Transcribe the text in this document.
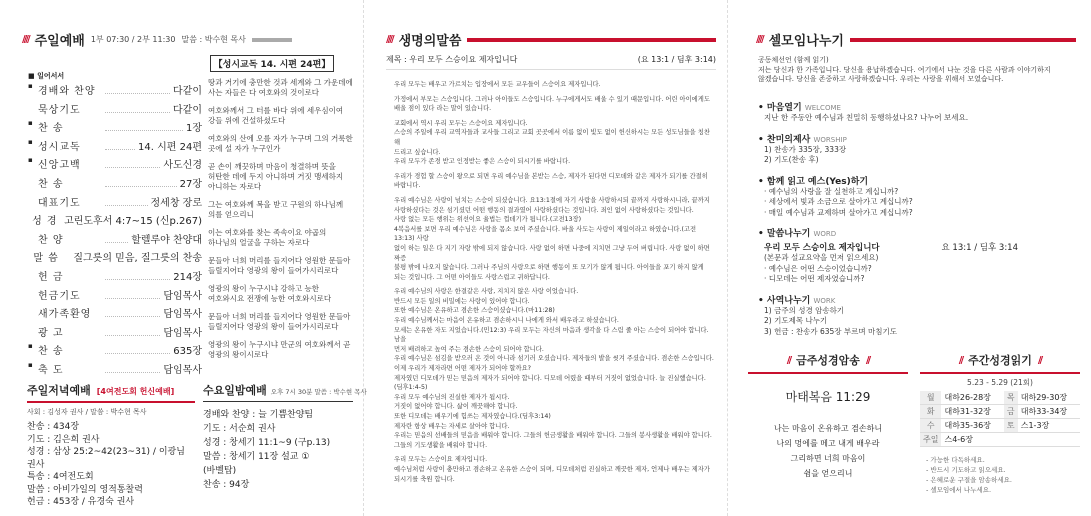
//// 주일예배 1부 07:30 / 2부 11:30 말씀 : 박수현 목사
【성시교독 14. 시편 24편】
■ 일어서서
▪ 경배와 찬양	다같이
묵상기도	다같이
▪ 찬 송	1장
▪ 성시교독	14. 시편 24편
▪ 신앙고백	사도신경
찬 송	27장
대표기도	정세창 장로
성 경 고린도후서 4:7~15 (신p.267)
찬 양	할렐루야 찬양대
말 씀	질그릇의 믿음, 질그릇의 찬송
헌 금	214장
헌금기도	담임목사
새가족환영	담임목사
광 고	담임목사
▪ 찬 송	635장
▪ 축 도	담임목사
땅과 거기에 충만한 것과 세계와 그 가운데에
사는 자들은 다 여호와의 것이로다
여호와께서 그 터를 바다 위에 세우심이여
강들 위에 건설하셨도다
여호와의 산에 오를 자가 누구며 그의 거룩한
곳에 설 자가 누구인가
곧 손이 깨끗하며 마음이 청결하며 뜻을
허탄한 데에 두지 아니하며 거짓 맹세하지
아니하는 자로다
그는 여호와께 복을 받고 구원의 하나님께
의를 얻으리니
이는 여호와를 찾는 족속이요 야곱의
하나님의 얼굴을 구하는 자로다
문들아 너희 머리를 들지어다 영원한 문들아
들릴지어다 영광의 왕이 들어가시리로다
영광의 왕이 누구시냐 강하고 능한
여호와시요 전쟁에 능한 여호와시로다
문들아 너희 머리를 들지어다 영원한 문들아
들릴지어다 영광의 왕이 들어가시리로다
영광의 왕이 누구시냐 만군의 여호와께서 곧
영광의 왕이시로다
주일저녁예배 [4여전도회 헌신예배]
사회 : 김성자 권사 / 말씀 : 박수현 목사
찬송 : 434장
기도 : 김은희 권사
성경 : 삼상 25:2~42(23~31) / 이광님 권사
특송 : 4여전도회
말씀 : 아비가일의 영적통찰력
헌금 : 453장 / 유경숙 권사
수요일밤예배 오후 7시 30분 말씀 : 박수현 목사
경배와 찬양 : 늘 기쁨찬양팀
기도 : 서순희 권사
성경 : 창세기 11:1~9 (구p.13)
말씀 : 창세기 11장 설교 ①
(바벨탑)
찬송 : 94장
//// 생명의말씀
제목 : 우리 모두 스승이요 제자입니다	(요 13:1 / 딤후 3:14)
우리 모두는 배우고 가르치는 입장에서 모든 교우들이 스승이요 제자입니다.
가정에서 부모는 스승입니다. 그러나 아이들도 스승입니다. 누구에게서도 배울 수 있기 때문입니다. 어린 아이에게도
배울 점이 있다 라는 말이 있습니다.
교회에서 역시 우리 모두는 스승이요 제자입니다.
스승의 주일에 우리 교역자들과 교사들 그리고 교회 곳곳에서 이름 없이 빛도 없이 헌신하시는 모든 성도님들을 칭찬해
드리고 싶습니다.
우리 모두가 존경 받고 인정받는 좋은 스승이 되시기를 바랍니다.
우리가 경험 할 스승이 왕으로 되면 우리 예수님을 본받는 스승, 제자가 된다면 디모데와 같은 제자가 되기를 간절히
바랍니다.
우리 예수님은 사랑이 넘치는 스승이 되셨습니다. 요13:1절에 자기 사람을 사랑하시되 끝까지 사랑하시니라, 끝까지
사랑하셨다는 것은 섬기셨던 어떤 행동의 결과였어 사랑하셨다는 것입니다. 죄인 없이 사랑하셨다는 것입니다.
사랑 없는 모든 행위는 위선이요 율법는 껍데기가 됩니다.(고전13장)
4복음서를 보면 우리 예수님은 사랑을 몸소 보여 주셨습니다. 바울 사도는 사랑이 제일이라고 하였습니다.(고전13:13) 사랑
없이 하는 일은 다 지기 자랑 밖에 되지 않습니다. 사랑 없이 하면 나중에 지치면 그냥 두어 버립니다. 사랑 없이 하면 짜증
불평 밖에 나오지 않습니다. 그러나 주님의 사랑으로 하면 행동이 또 모기가 않게 됩니다. 아이들을 포기 하지 않게
되는 것입니다. 그 어떤 아이들도 사랑스럽고 귀하답니다.
우리 예수님의 사랑은 한결같은 사랑, 지치지 않은 사랑 이었습니다.
반드시 모든 일의 비밀에는 사랑이 있어야 합니다.
또한 예수님은 온유하고 겸손한 스승이셨습니다.(마11:28)
우리 예수님께서는 마음이 온유하고 겸손하시니 나에게 와서 배우라고 하셨습니다.
모세는 온유한 자도 지었습니다.(민12:3) 우리 모두는 자신의 마음과 생각을 다 스림 줄 아는 스승이 되어야 합니다. 남을
먼저 배려하고 높여 주는 겸손한 스승이 되어야 합니다.
우리 예수님은 섬김을 받으러 온 것이 아니라 섬기러 오셨습니다. 제자들의 발을 씻겨 주셨습니다. 겸손한 스승입니다.
이제 우리가 제자라면 어떤 제자가 되어야 할까요?
제자였던 디모데가 믿는 믿음의 제자가 되어야 합니다. 디모데 어렸을 때부터 거짓이 없었습니다. 늘 진실했습니다.(딤후1:4-5)
우리 모두 예수님의 진실한 제자가 됩시다.
거짓이 없어야 합니다. 삶이 깨끗해야 합니다.
또한 디모데는 배우기에 힘쓰는 제자였습니다.(딤후3:14)
제자란 항상 배우는 자세로 살아야 합니다.
우리는 믿음의 선배들의 믿음을 배워야 합니다. 그들의 헌금생활을 배워야 합니다. 그들의 봉사생활을 배워야 합니다.
그들의 기도생활을 배워야 합니다.
우리 모두는 스승이요 제자입니다.
예수님처럼 사랑이 충만하고 겸손하고 온유한 스승이 되며, 디모데처럼 진실하고 깨끗한 제자, 언제나 배우는 제자가
되시기를 축원 합니다.
//// 셀모임나누기
공동체선언 (함께 읽기)
저는 당신과 한 가족입니다. 당신을 용납하겠습니다. 여기에서 나눈 것을 다른 사람과 이야기하지
않겠습니다. 당신을 존중하고 사랑하겠습니다. 우리는 사랑을 위해서 모였습니다.
• 마음열기 WELCOME
지난 한 주동안 예수님과 친밀히 동행하셨나요? 나누어 보세요.
• 찬미의제사 WORSHIP
1) 찬송가 335장, 333장
2) 기도(찬송 후)
• 함께 읽고 예스(Yes)하기
· 예수님의 사랑을 잘 실천하고 계십니까?
· 세상에서 빛과 소금으로 살아가고 계십니까?
· 매일 예수님과 교제하며 살아가고 계십니까?
• 말씀나누기 WORD
우리 모두 스승이요 제자입니다	요 13:1 / 딤후 3:14
(본문과 설교요약을 먼저 읽으세요)
· 예수님은 어떤 스승이었습니까?
· 디모데는 어떤 제자였습니까?
• 사역나누기 WORK
1) 금주의 성경 암송하기
2) 기도제목 나누기
3) 헌금 : 찬송가 635장 부르며 마침기도
// 금주성경암송 //
마태복음 11:29
나는 마음이 온유하고 겸손하니
나의 멍에를 메고 내게 배우라
그리하면 너희 마음이
쉼을 얻으리니
// 주간성경읽기 //
5.23 - 5.29 (21회)
월	대하26-28장	목	대하29-30장
화	대하31-32장	금	대하33-34장
수	대하35-36장	토	스1-3장
주일	스4-6장		
- 가능한 다독하세요.
- 반드시 기도하고 읽으세요.
- 은혜로운 구절을 암송하세요.
- 셀모임에서 나누세요.
